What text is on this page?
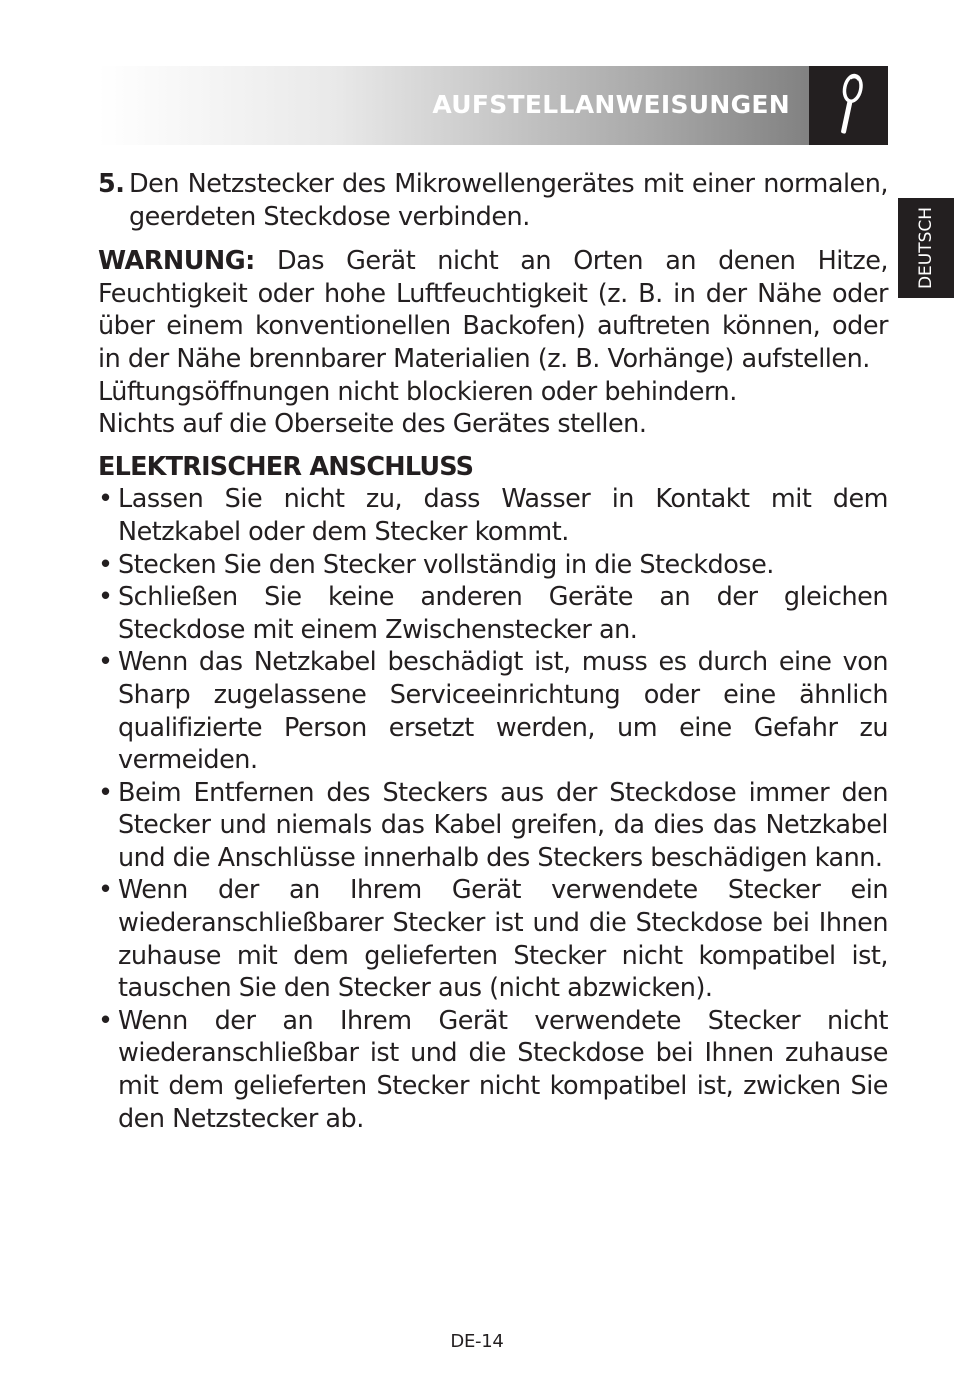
AUFSTELLANWEISUNGEN
DEUTSCH

5. Den Netzstecker des Mikrowellengerätes mit einer normalen, geerdeten Steckdose verbinden.

WARNUNG: Das Gerät nicht an Orten an denen Hitze, Feuchtigkeit oder hohe Luftfeuchtigkeit (z. B. in der Nähe oder über einem konventionellen Backofen) auftreten können, oder in der Nähe brennbarer Materialien (z. B. Vorhänge) aufstellen.

Lüftungsöffnungen nicht blockieren oder behindern.

Nichts auf die Oberseite des Gerätes stellen.

ELEKTRISCHER ANSCHLUSS

• Lassen Sie nicht zu, dass Wasser in Kontakt mit dem Netzkabel oder dem Stecker kommt.
• Stecken Sie den Stecker vollständig in die Steckdose.
• Schließen Sie keine anderen Geräte an der gleichen Steckdose mit einem Zwischenstecker an.
• Wenn das Netzkabel beschädigt ist, muss es durch eine von Sharp zugelassene Serviceeinrichtung oder eine ähnlich qualifizierte Person ersetzt werden, um eine Gefahr zu vermeiden.
• Beim Entfernen des Steckers aus der Steckdose immer den Stecker und niemals das Kabel greifen, da dies das Netzkabel und die Anschlüsse innerhalb des Steckers beschädigen kann.
• Wenn der an Ihrem Gerät verwendete Stecker ein wiederanschließbarer Stecker ist und die Steckdose bei Ihnen zuhause mit dem gelieferten Stecker nicht kompatibel ist, tauschen Sie den Stecker aus (nicht abzwicken).
• Wenn der an Ihrem Gerät verwendete Stecker nicht wiederanschließbar ist und die Steckdose bei Ihnen zuhause mit dem gelieferten Stecker nicht kompatibel ist, zwicken Sie den Netzstecker ab.
DE-14
